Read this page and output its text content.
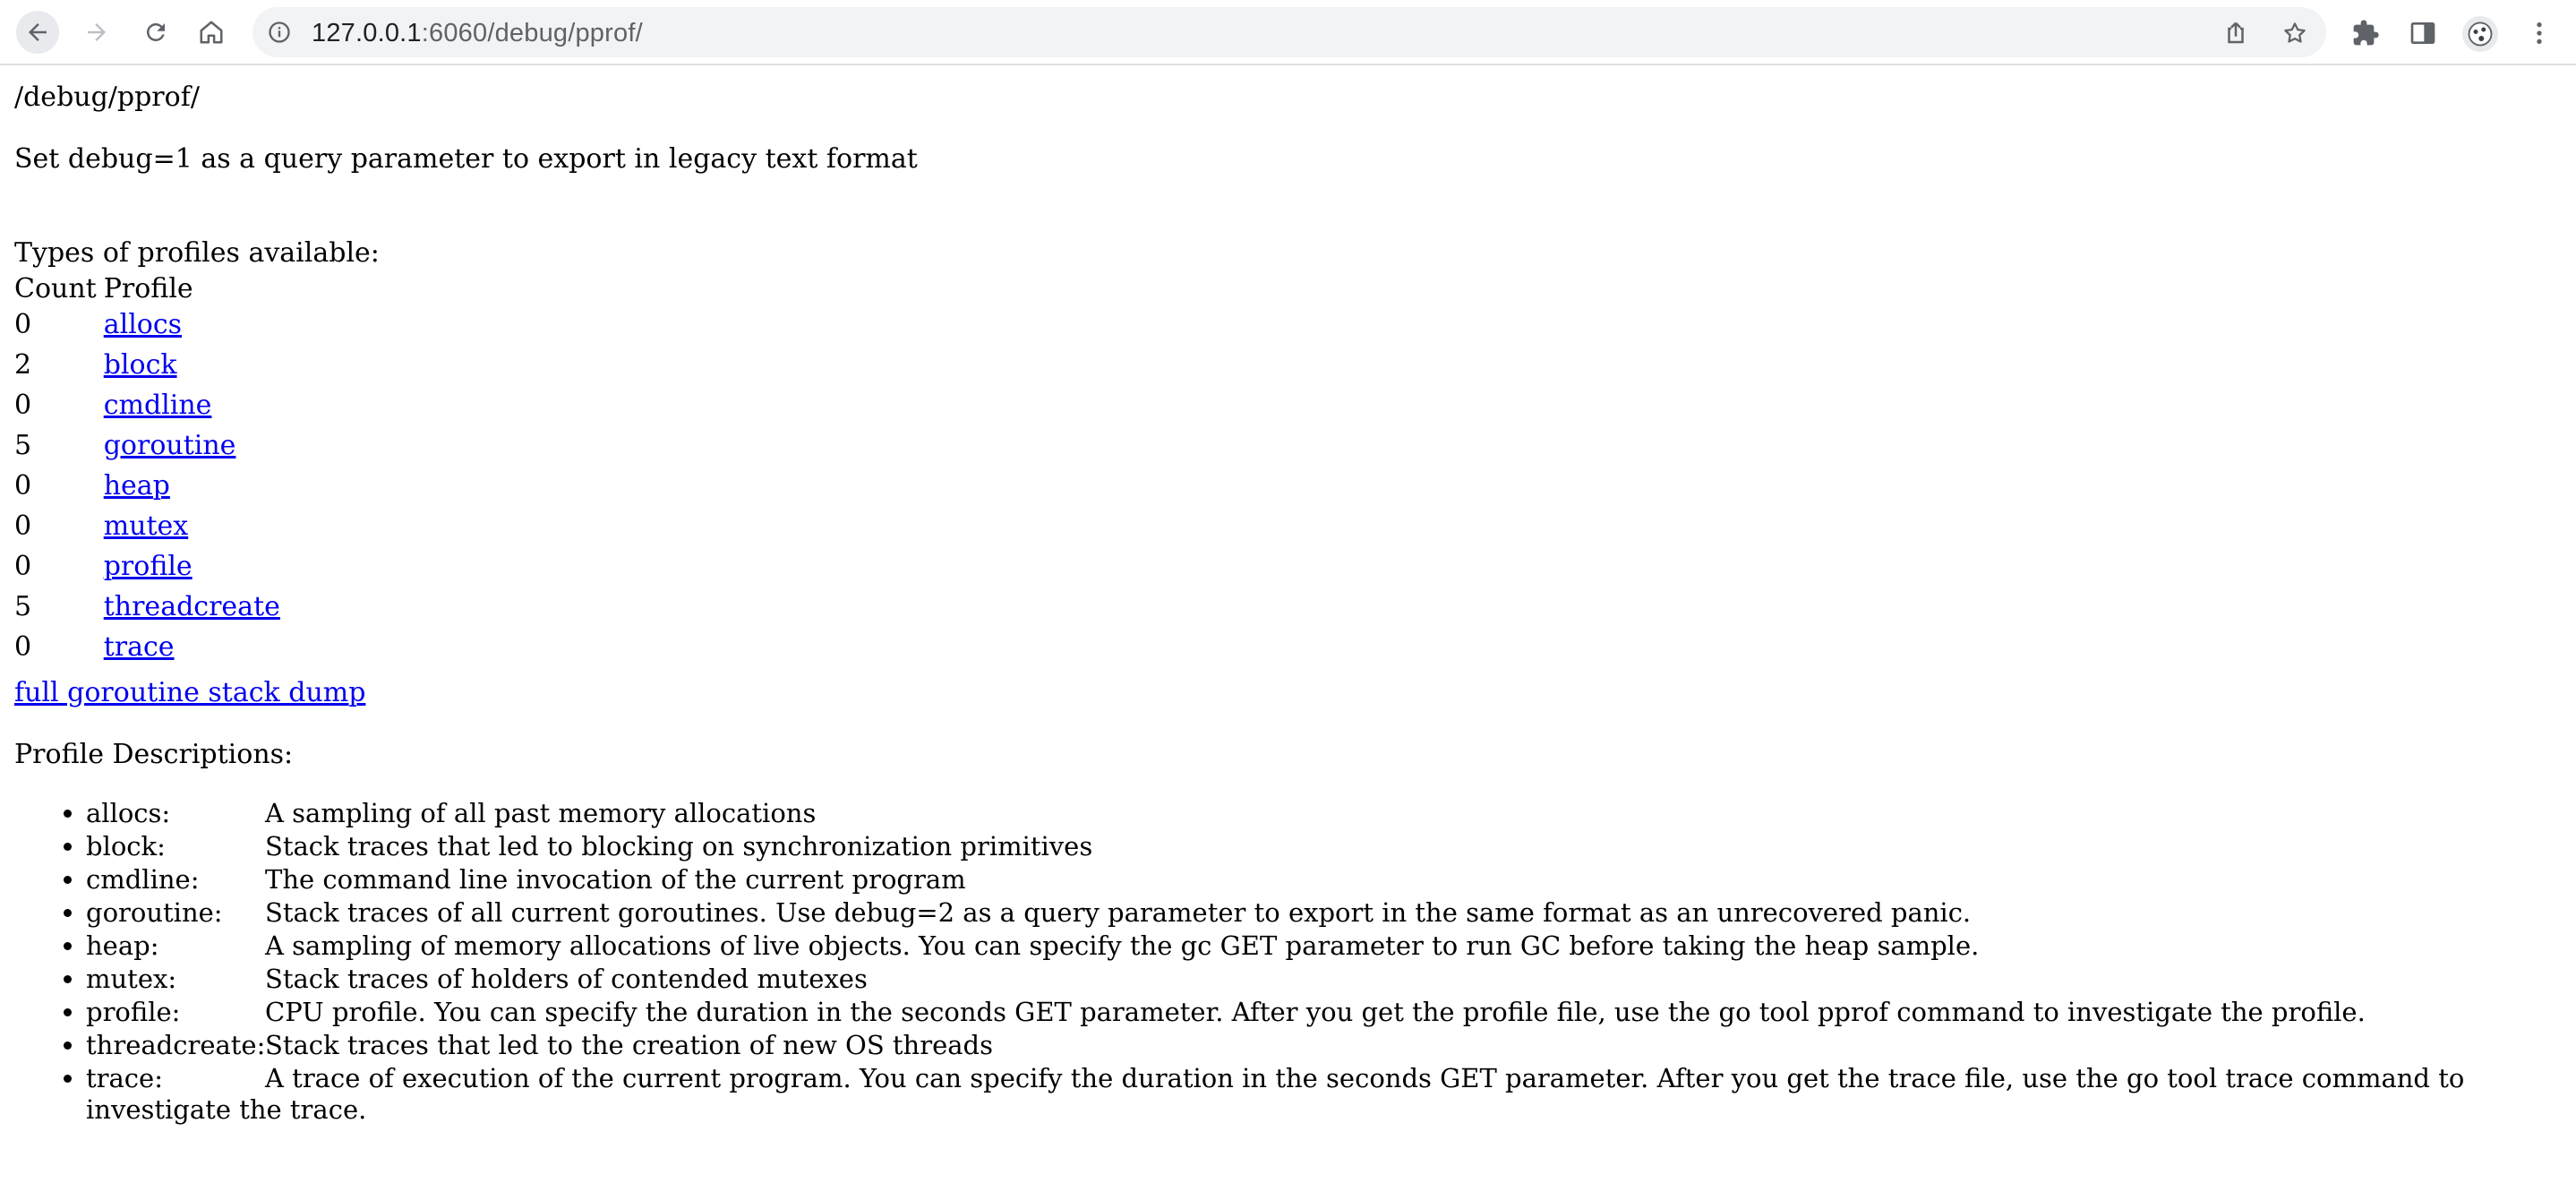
127.0.0.1:6060/debug/pprof/
/debug/pprof/
Set debug=1 as a query parameter to export in legacy text format
Types of profiles available:
Count	Profile
0	allocs
2	block
0	cmdline
5	goroutine
0	heap
0	mutex
0	profile
5	threadcreate
0	trace
full goroutine stack dump
Profile Descriptions:
• allocs:	A sampling of all past memory allocations
• block:	Stack traces that led to blocking on synchronization primitives
• cmdline:	The command line invocation of the current program
• goroutine: Stack traces of all current goroutines. Use debug=2 as a query parameter to export in the same format as an unrecovered panic.
• heap:	A sampling of memory allocations of live objects. You can specify the gc GET parameter to run GC before taking the heap sample.
• mutex:	Stack traces of holders of contended mutexes
• profile:	CPU profile. You can specify the duration in the seconds GET parameter. After you get the profile file, use the go tool pprof command to investigate the profile.
• threadcreate:Stack traces that led to the creation of new OS threads
• trace:	A trace of execution of the current program. You can specify the duration in the seconds GET parameter. After you get the trace file, use the go tool trace command to investigate the trace.
